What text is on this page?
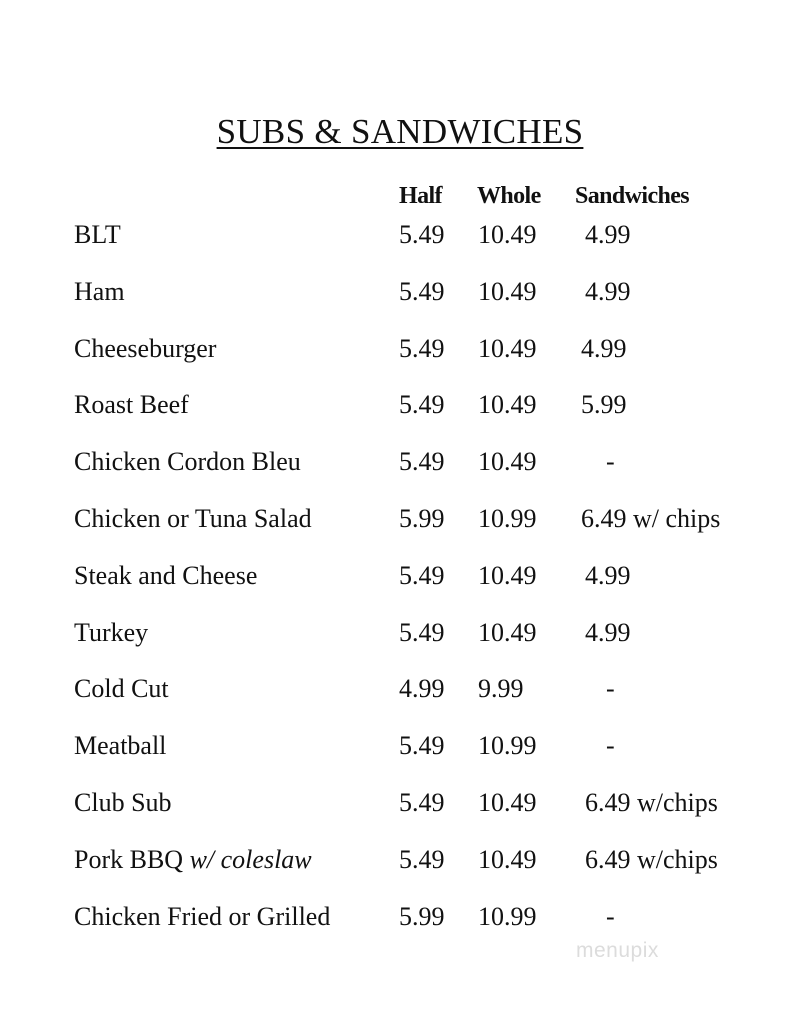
SUBS & SANDWICHES
Half Whole Sandwiches
BLT	5.49 10.49 4.99
Ham	5.49 10.49 4.99
Cheeseburger	5.49 10.49 4.99
Roast Beef	5.49 10.49 5.99
Chicken Cordon Bleu	5.49 10.49	-
Chicken or Tuna Salad	5.99 10.99 6.49 w/ chips
Steak and Cheese	5.49 10.49 4.99
Turkey	5.49 10.49 4.99
Cold Cut	4.99 9.99	-
Meatball	5.49 10.99	-
Club Sub	5.49 10.49 6.49 w/chips
Pork BBQ w/ coleslaw	5.49 10.49 6.49 w/chips
Chicken Fried or Grilled	5.99 10.99	-
menupix
